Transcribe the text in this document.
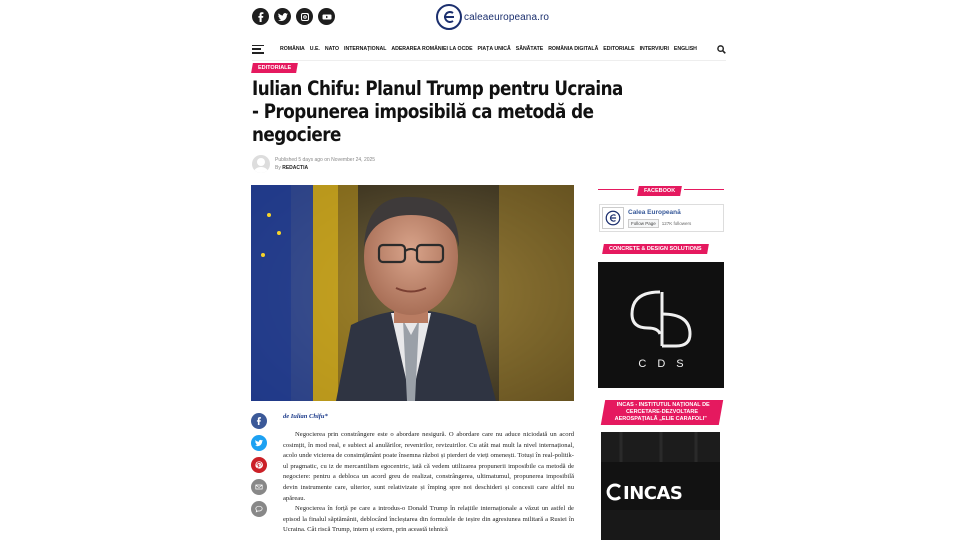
caleaeuropeana.ro
ROMÂNIA U.E. NATO INTERNAȚIONAL ADERAREA ROMÂNIEI LA OCDE PIAȚA UNICĂ SĂNĂTATE ROMÂNIA DIGITALĂ EDITORIALE INTERVIURI ENGLISH
EDITORIALE
Iulian Chifu: Planul Trump pentru Ucraina - Propunerea imposibilă ca metodă de negociere
Published 5 days ago on November 24, 2025
By REDACTIA
de Iulian Chifu*

Negocierea prin constrângere este o abordare nesigură. O abordare care nu aduce niciodată un acord cosimțit, în mod real, e subiect al anulărilor, revenirilor, revizuirilor. Cu atât mai mult la nivel internațional, acolo unde vicierea de consimțământ poate însemna război și pierderi de vieți omenești. Totuși în real-politik-ul pragmatic, cu iz de mercantilism egocentric, iată că vedem utilizarea propunerii imposibile ca metodă de negociere: pentru a debloca un acord greu de realizat, constrângerea, ultimatumul, propunerea imposibilă devin instrumente care, ulterior, sunt relativizate și împing spre noi deschideri și concesii care altfel nu apăreau.

Negocierea în forță pe care a introdus-o Donald Trump în relațiile internaționale a văzut un astfel de episod la finalul săptămânii, deblocând încleștarea din formulele de ieșire din agresiunea militară a Rusiei în Ucraina. Cât riscă Trump, intern și extern, prin această tehnică

FACEBOOK
Calea Europeană
Follow Page	127K followers
CONCRETE & DESIGN SOLUTIONS
CDS
INCAS - INSTITUTUL NAȚIONAL DE
CERCETARE-DEZVOLTARE
AEROSPAȚIALĂ „ELIE CARAFOLI”
INCAS
